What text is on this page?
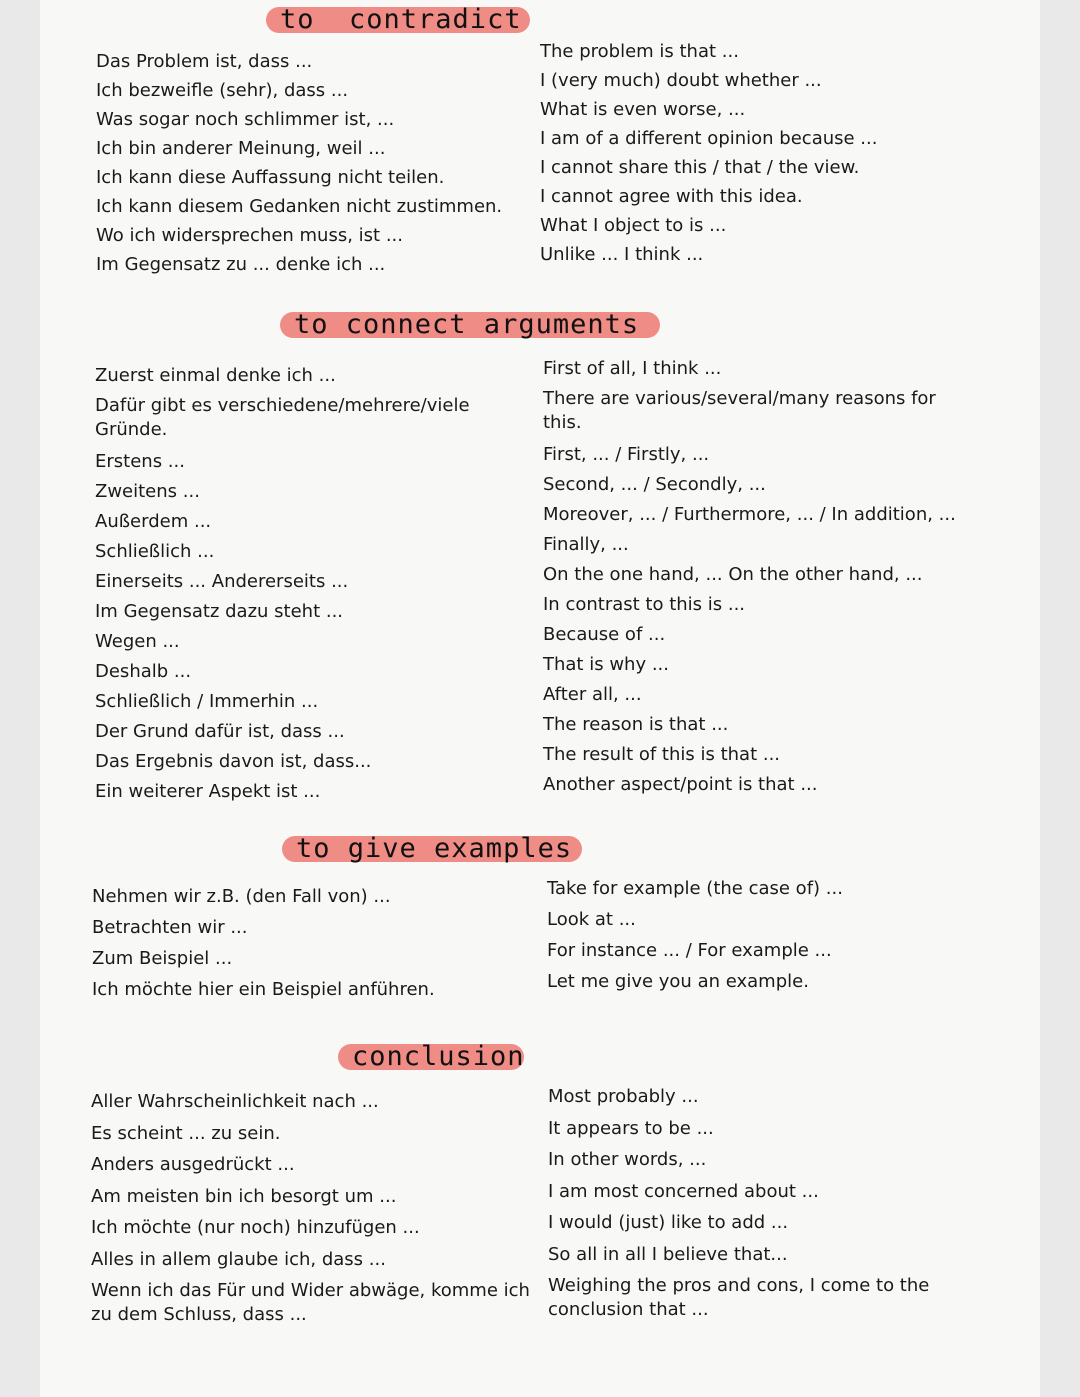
to  contradict
Das Problem ist, dass ...
Ich bezweifle (sehr), dass ...
Was sogar noch schlimmer ist, ...
Ich bin anderer Meinung, weil ...
Ich kann diese Auffassung nicht teilen.
Ich kann diesem Gedanken nicht zustimmen.
Wo ich widersprechen muss, ist ...
Im Gegensatz zu ... denke ich ...
The problem is that ...
I (very much) doubt whether ...
What is even worse, ...
I am of a different opinion because ...
I cannot share this / that / the view.
I cannot agree with this idea.
What I object to is ...
Unlike ... I think ...
to connect arguments
Zuerst einmal denke ich ...
Dafür gibt es verschiedene/mehrere/viele Gründe.
Erstens ...
Zweitens ...
Außerdem ...
Schließlich ...
Einerseits ... Andererseits ...
Im Gegensatz dazu steht ...
Wegen ...
Deshalb ...
Schließlich / Immerhin ...
Der Grund dafür ist, dass ...
Das Ergebnis davon ist, dass...
Ein weiterer Aspekt ist ...
First of all, I think ...
There are various/several/many reasons for this.
First, ... / Firstly, ...
Second, ... / Secondly, ...
Moreover, ... / Furthermore, ... / In addition, ...
Finally, ...
On the one hand, ... On the other hand, ...
In contrast to this is ...
Because of ...
That is why ...
After all, ...
The reason is that ...
The result of this is that ...
Another aspect/point is that ...
to give examples
Nehmen wir z.B. (den Fall von) ...
Betrachten wir ...
Zum Beispiel ...
Ich möchte hier ein Beispiel anführen.
Take for example (the case of) ...
Look at ...
For instance ... / For example ...
Let me give you an example.
conclusion
Aller Wahrscheinlichkeit nach ...
Es scheint ... zu sein.
Anders ausgedrückt ...
Am meisten bin ich besorgt um ...
Ich möchte (nur noch) hinzufügen ...
Alles in allem glaube ich, dass ...
Wenn ich das Für und Wider abwäge, komme ich zu dem Schluss, dass ...
Most probably ...
It appears to be ...
In other words, ...
I am most concerned about ...
I would (just) like to add ...
So all in all I believe that...
Weighing the pros and cons, I come to the conclusion that ...
